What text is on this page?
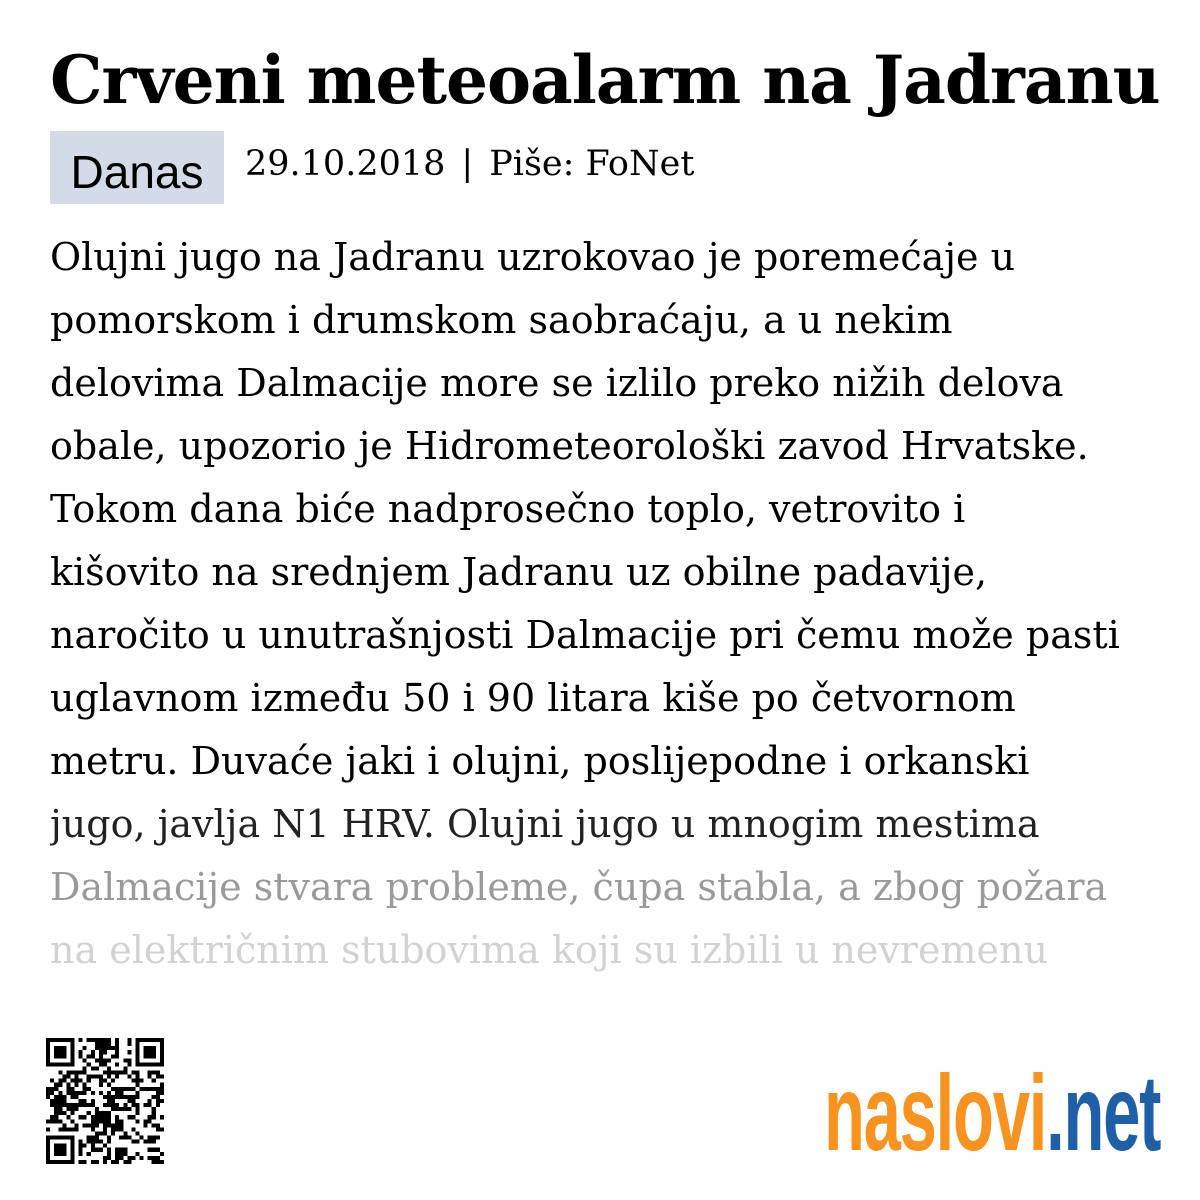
Crveni meteoalarm na Jadranu
Danas	29.10.2018 | Piše: FoNet

Olujni jugo na Jadranu uzrokovao je poremećaje u

pomorskom i drumskom saobraćaju, a u nekim

delovima Dalmacije more se izlilo preko nižih delova

obale, upozorio je Hidrometeorološki zavod Hrvatske.

Tokom dana biće nadprosečno toplo, vetrovito i

kišovito na srednjem Jadranu uz obilne padavije,

naročito u unutrašnjosti Dalmacije pri čemu može pasti

uglavnom između 50 i 90 litara kiše po četvornom

metru. Duvaće jaki i olujni, poslijepodne i orkanski

jugo, javlja N1 HRV. Olujni jugo u mnogim mestima

Dalmacije stvara probleme, čupa stabla, a zbog požara

na električnim stubovima koji su izbili u nevremenu

naslovi.net
